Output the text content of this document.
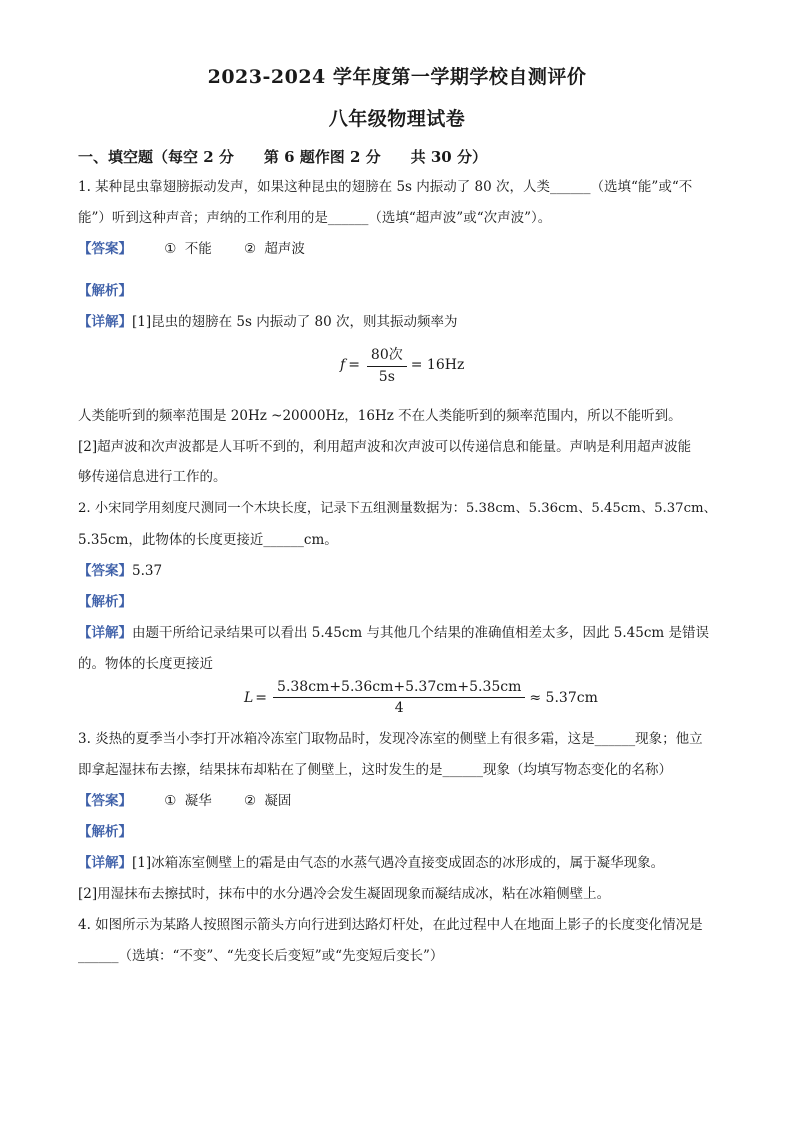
2023-2024 学年度第一学期学校自测评价
八年级物理试卷
一、填空题（每空 2 分　　第 6 题作图 2 分　　共 30 分）
1. 某种昆虫靠翅膀振动发声，如果这种昆虫的翅膀在 5s 内振动了 80 次，人类______（选填“能”或“不
能”）听到这种声音；声纳的工作利用的是______（选填“超声波”或“次声波”）。
【答案】 ① 不能 ② 超声波
【解析】
【详解】[1]昆虫的翅膀在 5s 内振动了 80 次，则其振动频率为
$f = \frac{\text{80次}}{5s} = 16Hz$
人类能听到的频率范围是 20Hz ~20000Hz，16Hz 不在人类能听到的频率范围内，所以不能听到。
[2]超声波和次声波都是人耳听不到的，利用超声波和次声波可以传递信息和能量。声呐是利用超声波能
够传递信息进行工作的。
2. 小宋同学用刻度尺测同一个木块长度，记录下五组测量数据为：5.38cm、5.36cm、5.45cm、5.37cm、
5.35cm，此物体的长度更接近______cm。
【答案】5.37
【解析】
【详解】由题干所给记录结果可以看出 5.45cm 与其他几个结果的准确值相差太多，因此 5.45cm 是错误
的。物体的长度更接近
$L = \frac{5.38cm+5.36cm+5.37cm+5.35cm}{4} \approx 5.37cm$
3. 炎热的夏季当小李打开冰箱冷冻室门取物品时，发现冷冻室的侧壁上有很多霜，这是______现象；他立
即拿起湿抹布去擦，结果抹布却粘在了侧壁上，这时发生的是______现象（均填写物态变化的名称）
【答案】 ① 凝华 ② 凝固
【解析】
【详解】[1]冰箱冻室侧壁上的霜是由气态的水蒸气遇冷直接变成固态的冰形成的，属于凝华现象。
[2]用湿抹布去擦拭时，抹布中的水分遇冷会发生凝固现象而凝结成冰，粘在冰箱侧壁上。
4. 如图所示为某路人按照图示箭头方向行进到达路灯杆处，在此过程中人在地面上影子的长度变化情况是
______（选填：“不变”、“先变长后变短”或“先变短后变长”）
